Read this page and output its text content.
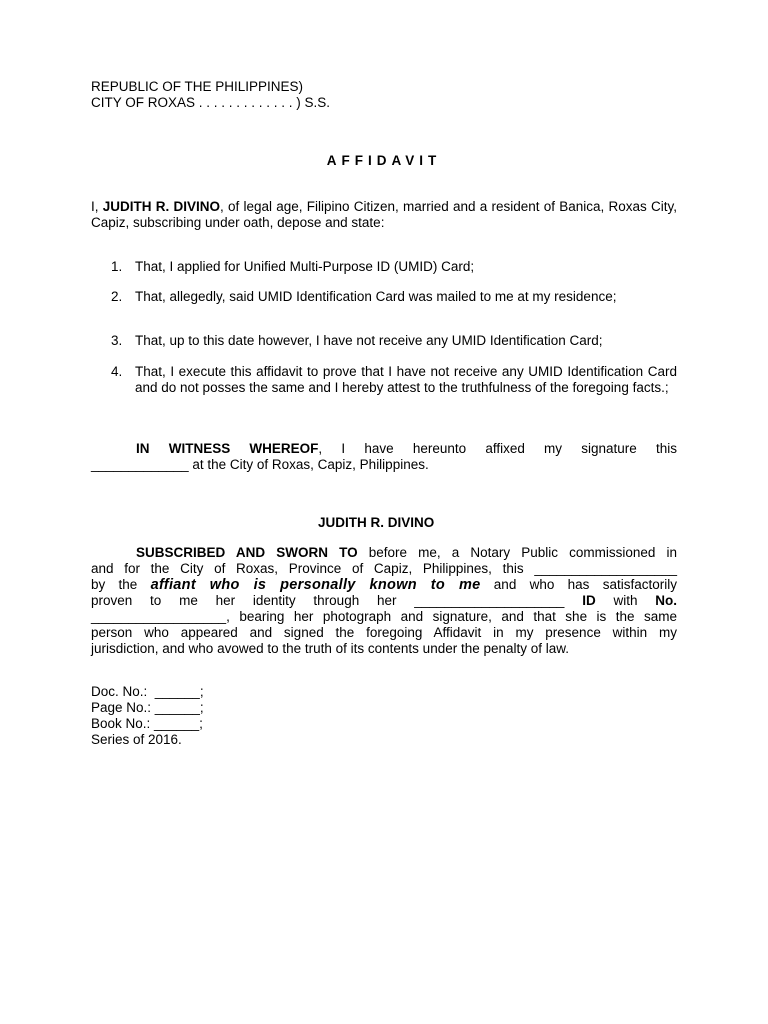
REPUBLIC OF THE PHILIPPINES)
CITY OF ROXAS . . . . . . . . . . . . . ) S.S.
AFFIDAVIT
I, JUDITH R. DIVINO, of legal age, Filipino Citizen, married and a resident of Banica, Roxas City, Capiz, subscribing under oath, depose and state:
1. That, I applied for Unified Multi-Purpose ID (UMID) Card;
2. That, allegedly, said UMID Identification Card was mailed to me at my residence;
3. That, up to this date however, I have not receive any UMID Identification Card;
4. That, I execute this affidavit to prove that I have not receive any UMID Identification Card and do not posses the same and I hereby attest to the truthfulness of the foregoing facts.;
IN WITNESS WHEREOF, I have hereunto affixed my signature this
_____________ at the City of Roxas, Capiz, Philippines.
JUDITH R. DIVINO
SUBSCRIBED AND SWORN TO before me, a Notary Public commissioned in
and for the City of Roxas, Province of Capiz, Philippines, this ___________________
by the affiant who is personally known to me and who has satisfactorily
proven to me her identity through her ____________________ ID with No.
__________________, bearing her photograph and signature, and that she is the same
person who appeared and signed the foregoing Affidavit in my presence within my
jurisdiction, and who avowed to the truth of its contents under the penalty of law.
Doc. No.:  ______;
Page No.: ______;
Book No.: ______;
Series of 2016.
